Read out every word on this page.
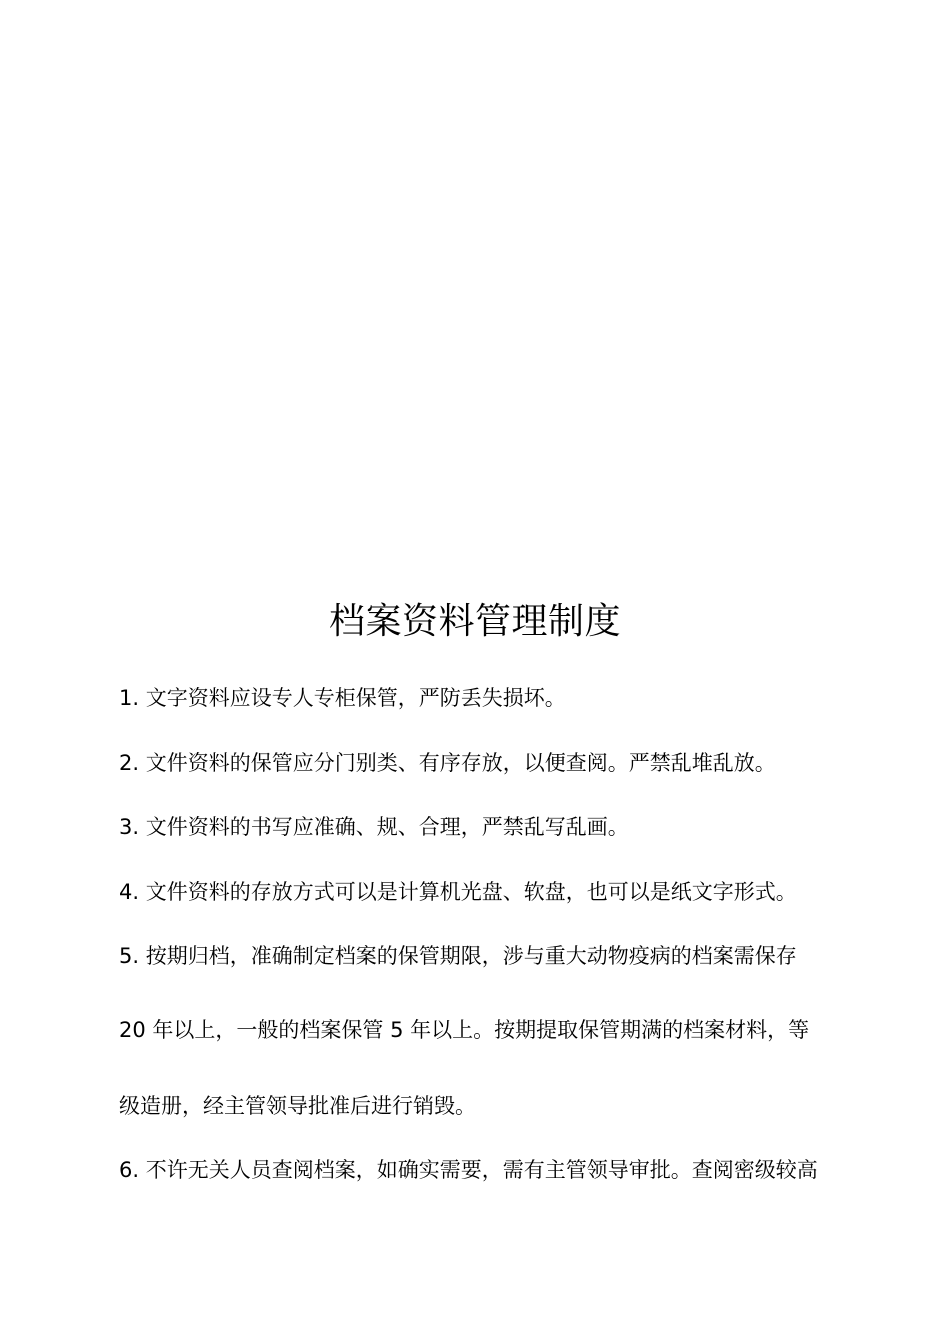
档案资料管理制度
1. 文字资料应设专人专柜保管，严防丢失损坏。
2. 文件资料的保管应分门别类、有序存放，以便查阅。严禁乱堆乱放。
3. 文件资料的书写应准确、规、合理，严禁乱写乱画。
4. 文件资料的存放方式可以是计算机光盘、软盘，也可以是纸文字形式。
5. 按期归档，准确制定档案的保管期限，涉与重大动物疫病的档案需保存
20 年以上，一般的档案保管 5 年以上。按期提取保管期满的档案材料，等
级造册，经主管领导批准后进行销毁。
6. 不许无关人员查阅档案，如确实需要，需有主管领导审批。查阅密级较高
